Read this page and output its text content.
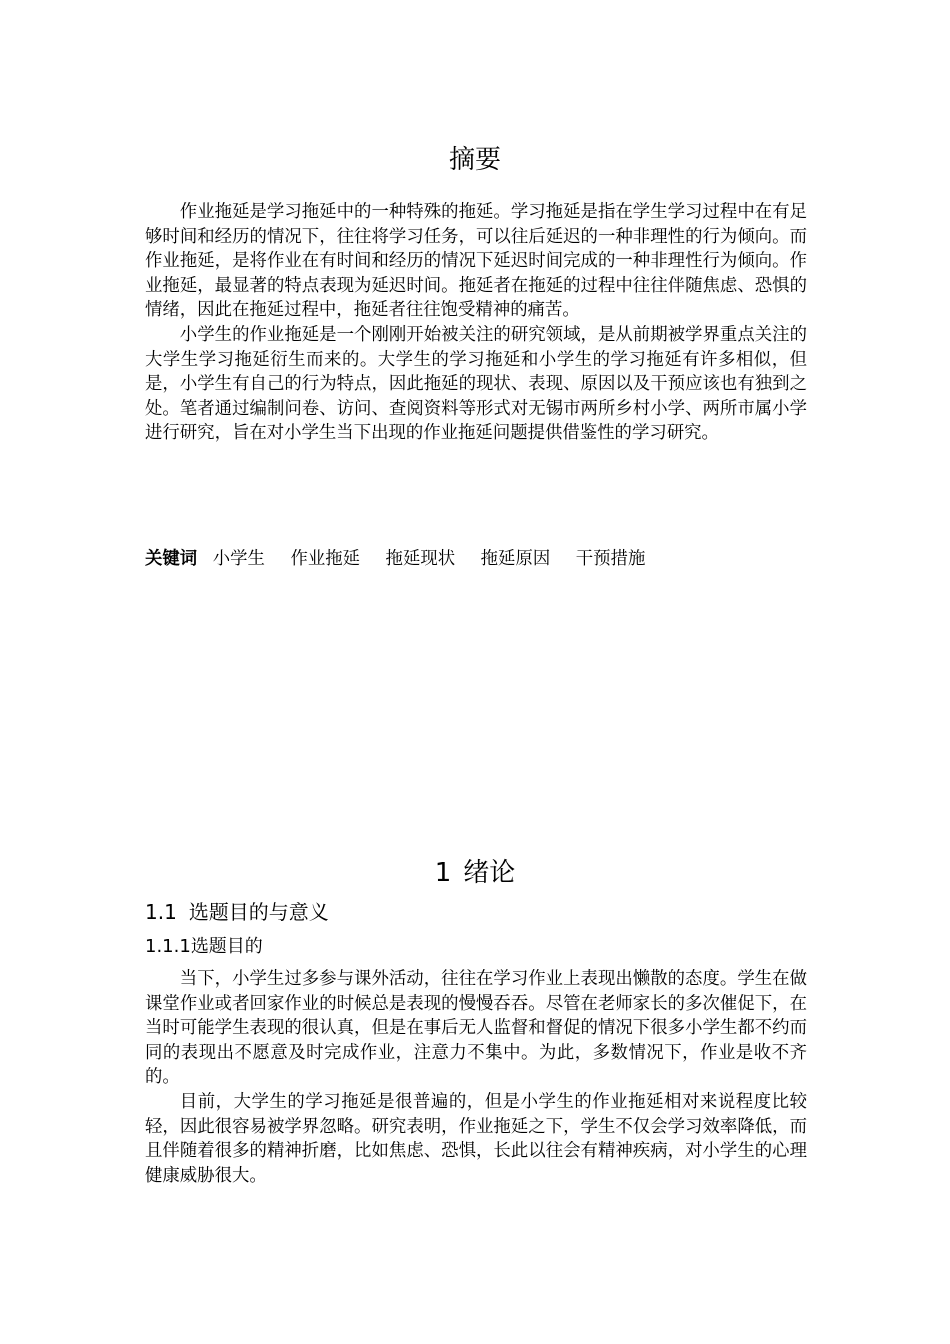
摘要

作业拖延是学习拖延中的一种特殊的拖延。学习拖延是指在学生学习过程中在有足够时间和经历的情况下，往往将学习任务，可以往后延迟的一种非理性的行为倾向。而作业拖延，是将作业在有时间和经历的情况下延迟时间完成的一种非理性行为倾向。作业拖延，最显著的特点表现为延迟时间。拖延者在拖延的过程中往往伴随焦虑、恐惧的情绪，因此在拖延过程中，拖延者往往饱受精神的痛苦。

小学生的作业拖延是一个刚刚开始被关注的研究领域，是从前期被学界重点关注的大学生学习拖延衍生而来的。大学生的学习拖延和小学生的学习拖延有许多相似，但是，小学生有自己的行为特点，因此拖延的现状、表现、原因以及干预应该也有独到之处。笔者通过编制问卷、访问、查阅资料等形式对无锡市两所乡村小学、两所市属小学进行研究，旨在对小学生当下出现的作业拖延问题提供借鉴性的学习研究。

关键词 小学生 作业拖延 拖延现状 拖延原因 干预措施
1 绪论
1.1 选题目的与意义
1.1.1选题目的

当下，小学生过多参与课外活动，往往在学习作业上表现出懒散的态度。学生在做课堂作业或者回家作业的时候总是表现的慢慢吞吞。尽管在老师家长的多次催促下，在当时可能学生表现的很认真，但是在事后无人监督和督促的情况下很多小学生都不约而同的表现出不愿意及时完成作业，注意力不集中。为此，多数情况下，作业是收不齐的。

目前，大学生的学习拖延是很普遍的，但是小学生的作业拖延相对来说程度比较轻，因此很容易被学界忽略。研究表明，作业拖延之下，学生不仅会学习效率降低，而且伴随着很多的精神折磨，比如焦虑、恐惧，长此以往会有精神疾病，对小学生的心理健康威胁很大。
